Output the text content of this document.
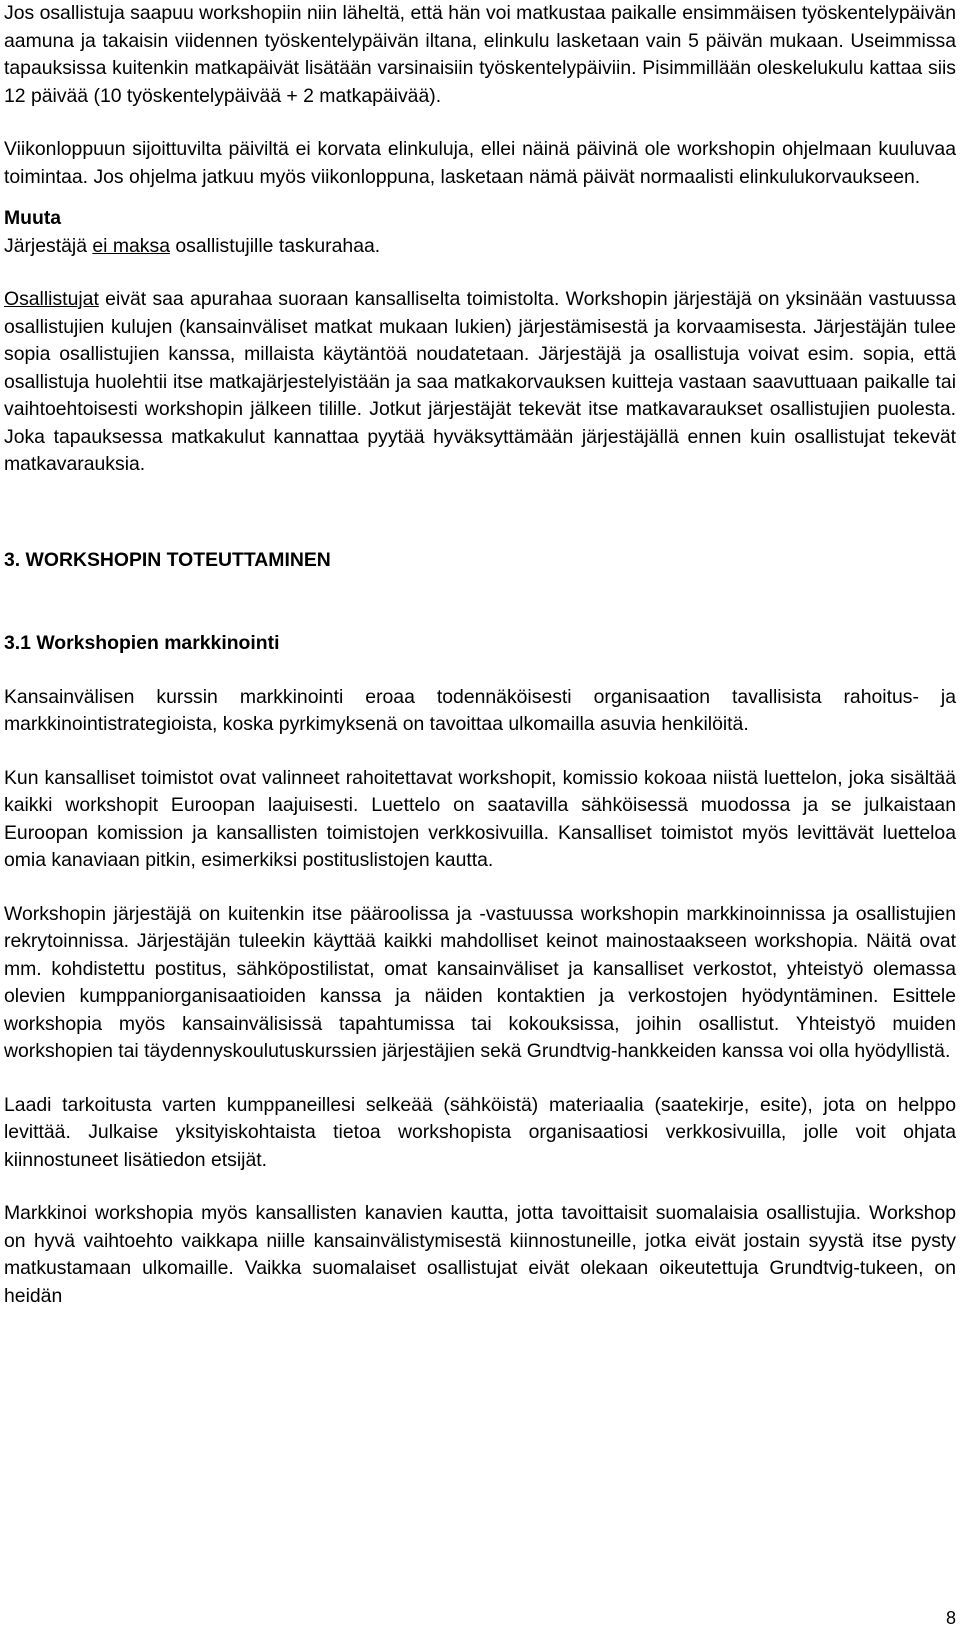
Jos osallistuja saapuu workshopiin niin läheltä, että hän voi matkustaa paikalle ensimmäisen työskentelypäivän aamuna ja takaisin viidennen työskentelypäivän iltana, elinkulu lasketaan vain 5 päivän mukaan. Useimmissa tapauksissa kuitenkin matkapäivät lisätään varsinaisiin työskentelypäiviin. Pisimmillään oleskelukulu kattaa siis 12 päivää (10 työskentelypäivää + 2 matkapäivää).

Viikonloppuun sijoittuvilta päiviltä ei korvata elinkuluja, ellei näinä päivinä ole workshopin ohjelmaan kuuluvaa toimintaa. Jos ohjelma jatkuu myös viikonloppuna, lasketaan nämä päivät normaalisti elinkulukorvaukseen.

Muuta

Järjestäjä ei maksa osallistujille taskurahaa.

Osallistujat eivät saa apurahaa suoraan kansalliselta toimistolta. Workshopin järjestäjä on yksinään vastuussa osallistujien kulujen (kansainväliset matkat mukaan lukien) järjestämisestä ja korvaamisesta. Järjestäjän tulee sopia osallistujien kanssa, millaista käytäntöä noudatetaan. Järjestäjä ja osallistuja voivat esim. sopia, että osallistuja huolehtii itse matkajärjestelyistään ja saa matkakorvauksen kuitteja vastaan saavuttuaan paikalle tai vaihtoehtoisesti workshopin jälkeen tilille. Jotkut järjestäjät tekevät itse matkavaraukset osallistujien puolesta. Joka tapauksessa matkakulut kannattaa pyytää hyväksyttämään järjestäjällä ennen kuin osallistujat tekevät matkavarauksia.

3. WORKSHOPIN TOTEUTTAMINEN
3.1 Workshopien markkinointi

Kansainvälisen kurssin markkinointi eroaa todennäköisesti organisaation tavallisista rahoitus- ja markkinointistrategioista, koska pyrkimyksenä on tavoittaa ulkomailla asuvia henkilöitä.

Kun kansalliset toimistot ovat valinneet rahoitettavat workshopit, komissio kokoaa niistä luettelon, joka sisältää kaikki workshopit Euroopan laajuisesti. Luettelo on saatavilla sähköisessä muodossa ja se julkaistaan Euroopan komission ja kansallisten toimistojen verkkosivuilla. Kansalliset toimistot myös levittävät luetteloa omia kanaviaan pitkin, esimerkiksi postituslistojen kautta.

Workshopin järjestäjä on kuitenkin itse pääroolissa ja -vastuussa workshopin markkinoinnissa ja osallistujien rekrytoinnissa. Järjestäjän tuleekin käyttää kaikki mahdolliset keinot mainostaakseen workshopia. Näitä ovat mm. kohdistettu postitus, sähköpostilistat, omat kansainväliset ja kansalliset verkostot, yhteistyö olemassa olevien kumppaniorganisaatioiden kanssa ja näiden kontaktien ja verkostojen hyödyntäminen. Esittele workshopia myös kansainvälisissä tapahtumissa tai kokouksissa, joihin osallistut. Yhteistyö muiden workshopien tai täydennyskoulutuskurssien järjestäjien sekä Grundtvig-hankkeiden kanssa voi olla hyödyllistä.

Laadi tarkoitusta varten kumppaneillesi selkeää (sähköistä) materiaalia (saatekirje, esite), jota on helppo levittää. Julkaise yksityiskohtaista tietoa workshopista organisaatiosi verkkosivuilla, jolle voit ohjata kiinnostuneet lisätiedon etsijät.

Markkinoi workshopia myös kansallisten kanavien kautta, jotta tavoittaisit suomalaisia osallistujia. Workshop on hyvä vaihtoehto vaikkapa niille kansainvälistymisestä kiinnostuneille, jotka eivät jostain syystä itse pysty matkustamaan ulkomaille. Vaikka suomalaiset osallistujat eivät olekaan oikeutettuja Grundtvig-tukeen, on heidän

8
